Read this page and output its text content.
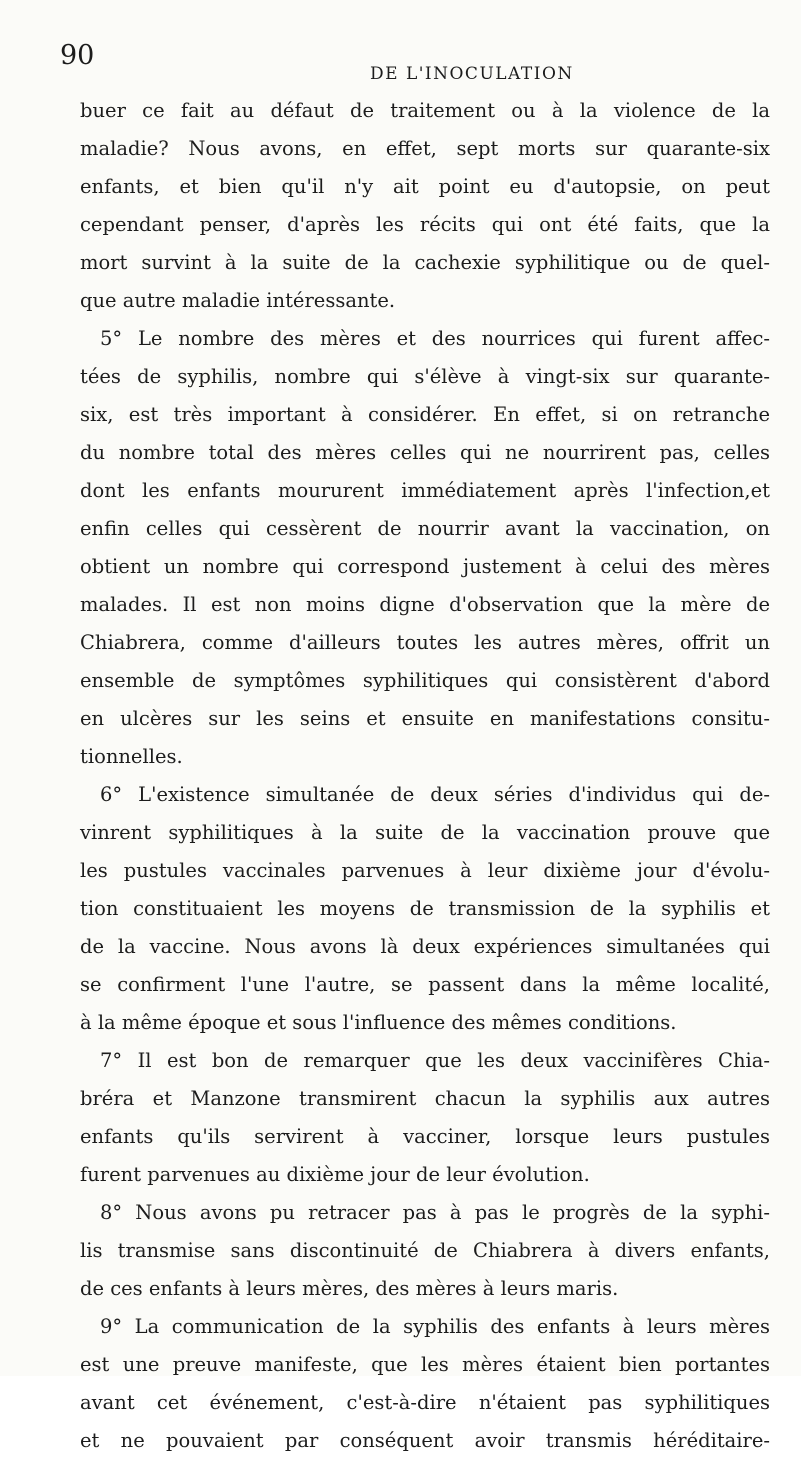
90
DE L'INOCULATION
buer ce fait au défaut de traitement ou à la violence de la
maladie? Nous avons, en effet, sept morts sur quarante-six
enfants, et bien qu'il n'y ait point eu d'autopsie, on peut
cependant penser, d'après les récits qui ont été faits, que la
mort survint à la suite de la cachexie syphilitique ou de quel-
que autre maladie intéressante.
5° Le nombre des mères et des nourrices qui furent affec-
tées de syphilis, nombre qui s'élève à vingt-six sur quarante-
six, est très important à considérer. En effet, si on retranche
du nombre total des mères celles qui ne nourrirent pas, celles
dont les enfants moururent immédiatement après l'infection,et
enfin celles qui cessèrent de nourrir avant la vaccination, on
obtient un nombre qui correspond justement à celui des mères
malades. Il est non moins digne d'observation que la mère de
Chiabrera, comme d'ailleurs toutes les autres mères, offrit un
ensemble de symptômes syphilitiques qui consistèrent d'abord
en ulcères sur les seins et ensuite en manifestations consitu-
tionnelles.
6° L'existence simultanée de deux séries d'individus qui de-
vinrent syphilitiques à la suite de la vaccination prouve que
les pustules vaccinales parvenues à leur dixième jour d'évolu-
tion constituaient les moyens de transmission de la syphilis et
de la vaccine. Nous avons là deux expériences simultanées qui
se confirment l'une l'autre, se passent dans la même localité,
à la même époque et sous l'influence des mêmes conditions.
7° Il est bon de remarquer que les deux vaccinifères Chia-
bréra et Manzone transmirent chacun la syphilis aux autres
enfants qu'ils servirent à vacciner, lorsque leurs pustules
furent parvenues au dixième jour de leur évolution.
8° Nous avons pu retracer pas à pas le progrès de la syphi-
lis transmise sans discontinuité de Chiabrera à divers enfants,
de ces enfants à leurs mères, des mères à leurs maris.
9° La communication de la syphilis des enfants à leurs mères
est une preuve manifeste, que les mères étaient bien portantes
avant cet événement, c'est-à-dire n'étaient pas syphilitiques
et ne pouvaient par conséquent avoir transmis héréditaire-
